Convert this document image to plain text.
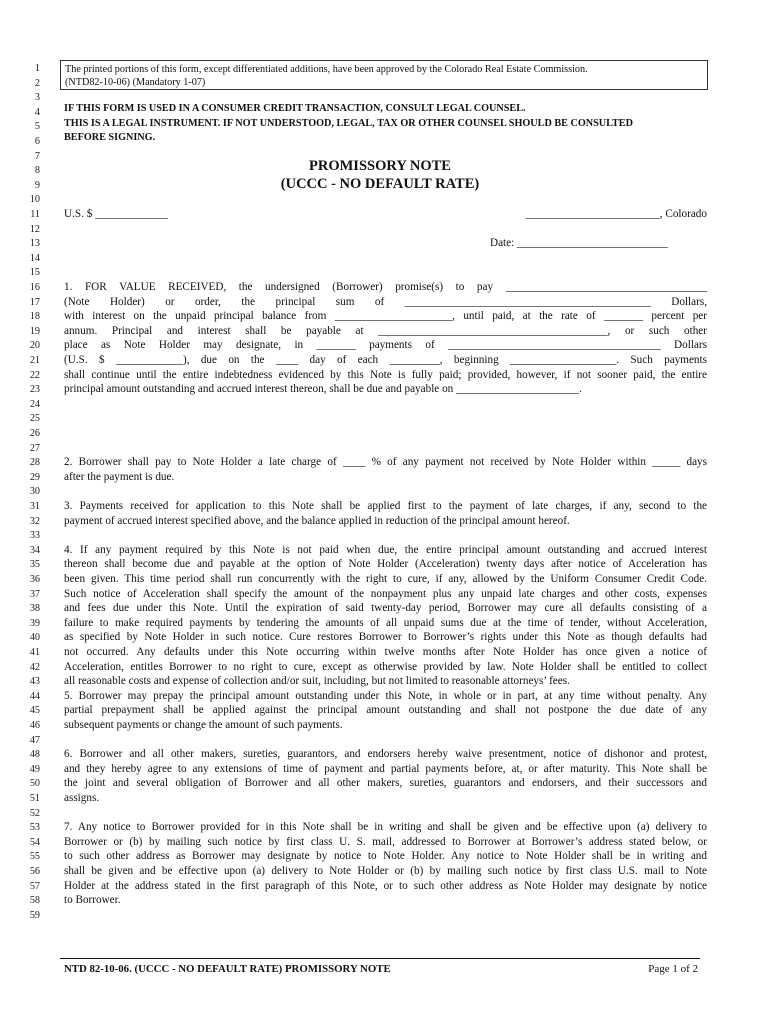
1
2
3
4
5
6
7
8
9
10
11
12
13
14
15
16
17
18
19
20
21
22
23
24
25
26
27
28
29
30
31
32
33
34
35
36
37
38
39
40
41
42
43
44
45
46
47
48
49
50
51
52
53
54
55
56
57
58
59
The printed portions of this form, except differentiated additions, have been approved by the Colorado Real Estate Commission.
(NTD82-10-06) (Mandatory 1-07)
IF THIS FORM IS USED IN A CONSUMER CREDIT TRANSACTION, CONSULT LEGAL COUNSEL.
THIS IS A LEGAL INSTRUMENT. IF NOT UNDERSTOOD, LEGAL, TAX OR OTHER COUNSEL SHOULD BE CONSULTED
BEFORE SIGNING.
PROMISSORY NOTE
(UCCC - NO DEFAULT RATE)
U.S. $ _____________	________________________, Colorado
Date: ___________________________
1. FOR VALUE RECEIVED, the undersigned (Borrower) promise(s) to pay ____________________________________
(Note Holder) or order, the principal sum of ____________________________________________ Dollars,
with interest on the unpaid principal balance from _____________________, until paid, at the rate of _______ percent per
annum. Principal and interest shall be payable at _________________________________________, or such other
place as Note Holder may designate, in _______ payments of ______________________________________ Dollars
(U.S. $ ____________), due on the ____ day of each _________, beginning ___________________. Such payments
shall continue until the entire indebtedness evidenced by this Note is fully paid; provided, however, if not sooner paid, the entire
principal amount outstanding and accrued interest thereon, shall be due and payable on ______________________.
2. Borrower shall pay to Note Holder a late charge of ____ % of any payment not received by Note Holder within _____ days
after the payment is due.
3. Payments received for application to this Note shall be applied first to the payment of late charges, if any, second to the
payment of accrued interest specified above, and the balance applied in reduction of the principal amount hereof.
4. If any payment required by this Note is not paid when due, the entire principal amount outstanding and accrued interest
thereon shall become due and payable at the option of Note Holder (Acceleration) twenty days after notice of Acceleration has
been given. This time period shall run concurrently with the right to cure, if any, allowed by the Uniform Consumer Credit Code.
Such notice of Acceleration shall specify the amount of the nonpayment plus any unpaid late charges and other costs, expenses
and fees due under this Note. Until the expiration of said twenty-day period, Borrower may cure all defaults consisting of a
failure to make required payments by tendering the amounts of all unpaid sums due at the time of tender, without Acceleration,
as specified by Note Holder in such notice. Cure restores Borrower to Borrower’s rights under this Note as though defaults had
not occurred. Any defaults under this Note occurring within twelve months after Note Holder has once given a notice of
Acceleration, entitles Borrower to no right to cure, except as otherwise provided by law. Note Holder shall be entitled to collect
all reasonable costs and expense of collection and/or suit, including, but not limited to reasonable attorneys’ fees.
5. Borrower may prepay the principal amount outstanding under this Note, in whole or in part, at any time without penalty. Any
partial prepayment shall be applied against the principal amount outstanding and shall not postpone the due date of any
subsequent payments or change the amount of such payments.
6. Borrower and all other makers, sureties, guarantors, and endorsers hereby waive presentment, notice of dishonor and protest,
and they hereby agree to any extensions of time of payment and partial payments before, at, or after maturity. This Note shall be
the joint and several obligation of Borrower and all other makers, sureties, guarantors and endorsers, and their successors and
assigns.
7. Any notice to Borrower provided for in this Note shall be in writing and shall be given and be effective upon (a) delivery to
Borrower or (b) by mailing such notice by first class U. S. mail, addressed to Borrower at Borrower’s address stated below, or
to such other address as Borrower may designate by notice to Note Holder. Any notice to Note Holder shall be in writing and
shall be given and be effective upon (a) delivery to Note Holder or (b) by mailing such notice by first class U.S. mail to Note
Holder at the address stated in the first paragraph of this Note, or to such other address as Note Holder may designate by notice
to Borrower.
NTD 82-10-06. (UCCC - NO DEFAULT RATE) PROMISSORY NOTE	Page 1 of 2
